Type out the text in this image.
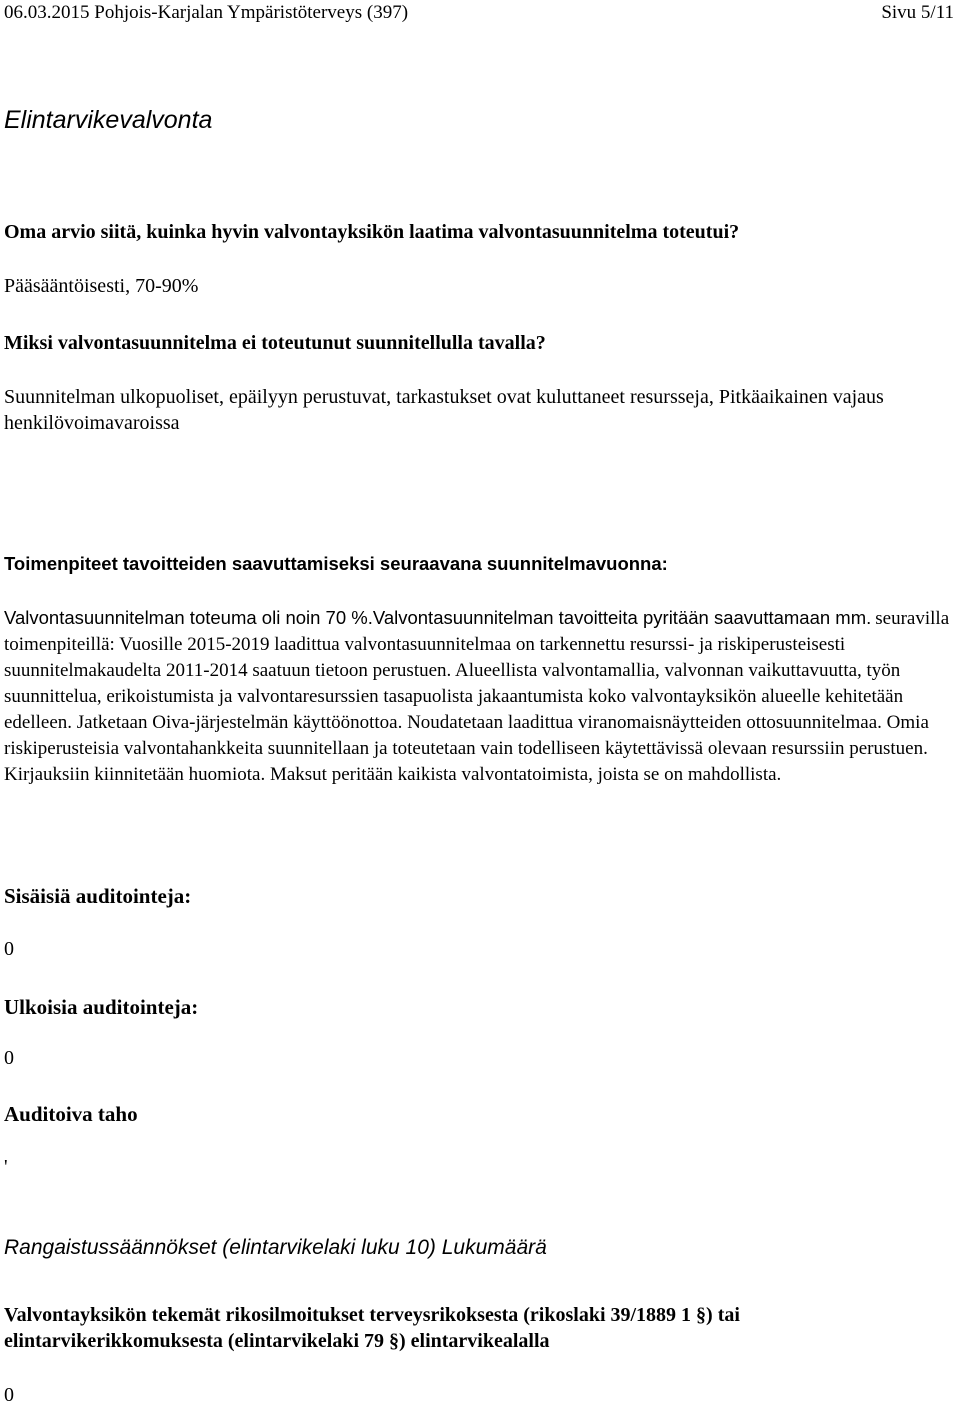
06.03.2015 Pohjois-Karjalan Ympäristöterveys (397)	Sivu 5/11
Elintarvikevalvonta
Oma arvio siitä, kuinka hyvin valvontayksikön laatima valvontasuunnitelma toteutui?
Pääsääntöisesti, 70-90%
Miksi valvontasuunnitelma ei toteutunut suunnitellulla tavalla?
Suunnitelman ulkopuoliset, epäilyyn perustuvat, tarkastukset ovat kuluttaneet resursseja, Pitkäaikainen vajaus henkilövoimavaroissa
Toimenpiteet tavoitteiden saavuttamiseksi seuraavana suunnitelmavuonna:
Valvontasuunnitelman toteuma oli noin 70 %.Valvontasuunnitelman tavoitteita pyritään saavuttamaan mm. seuravilla toimenpiteillä: Vuosille 2015-2019 laadittua valvontasuunnitelmaa on tarkennettu resurssi- ja riskiperusteisesti suunnitelmakaudelta 2011-2014 saatuun tietoon perustuen. Alueellista valvontamallia, valvonnan vaikuttavuutta, työn suunnittelua, erikoistumista ja valvontaresurssien tasapuolista jakaantumista koko valvontayksikön alueelle kehitetään edelleen. Jatketaan Oiva-järjestelmän käyttöönottoa. Noudatetaan laadittua viranomaisnäytteiden ottosuunnitelmaa. Omia riskiperusteisia valvontahankkeita suunnitellaan ja toteutetaan vain todelliseen käytettävissä olevaan resurssiin perustuen. Kirjauksiin kiinnitetään huomiota. Maksut peritään kaikista valvontatoimista, joista se on mahdollista.
Sisäisiä auditointeja:
0
Ulkoisia auditointeja:
0
Auditoiva taho
'
Rangaistussäännökset (elintarvikelaki luku 10) Lukumäärä
Valvontayksikön tekemät rikosilmoitukset terveysrikoksesta (rikoslaki 39/1889 1 §) tai elintarvikerikkomuksesta (elintarvikelaki 79 §) elintarvikealalla
0
